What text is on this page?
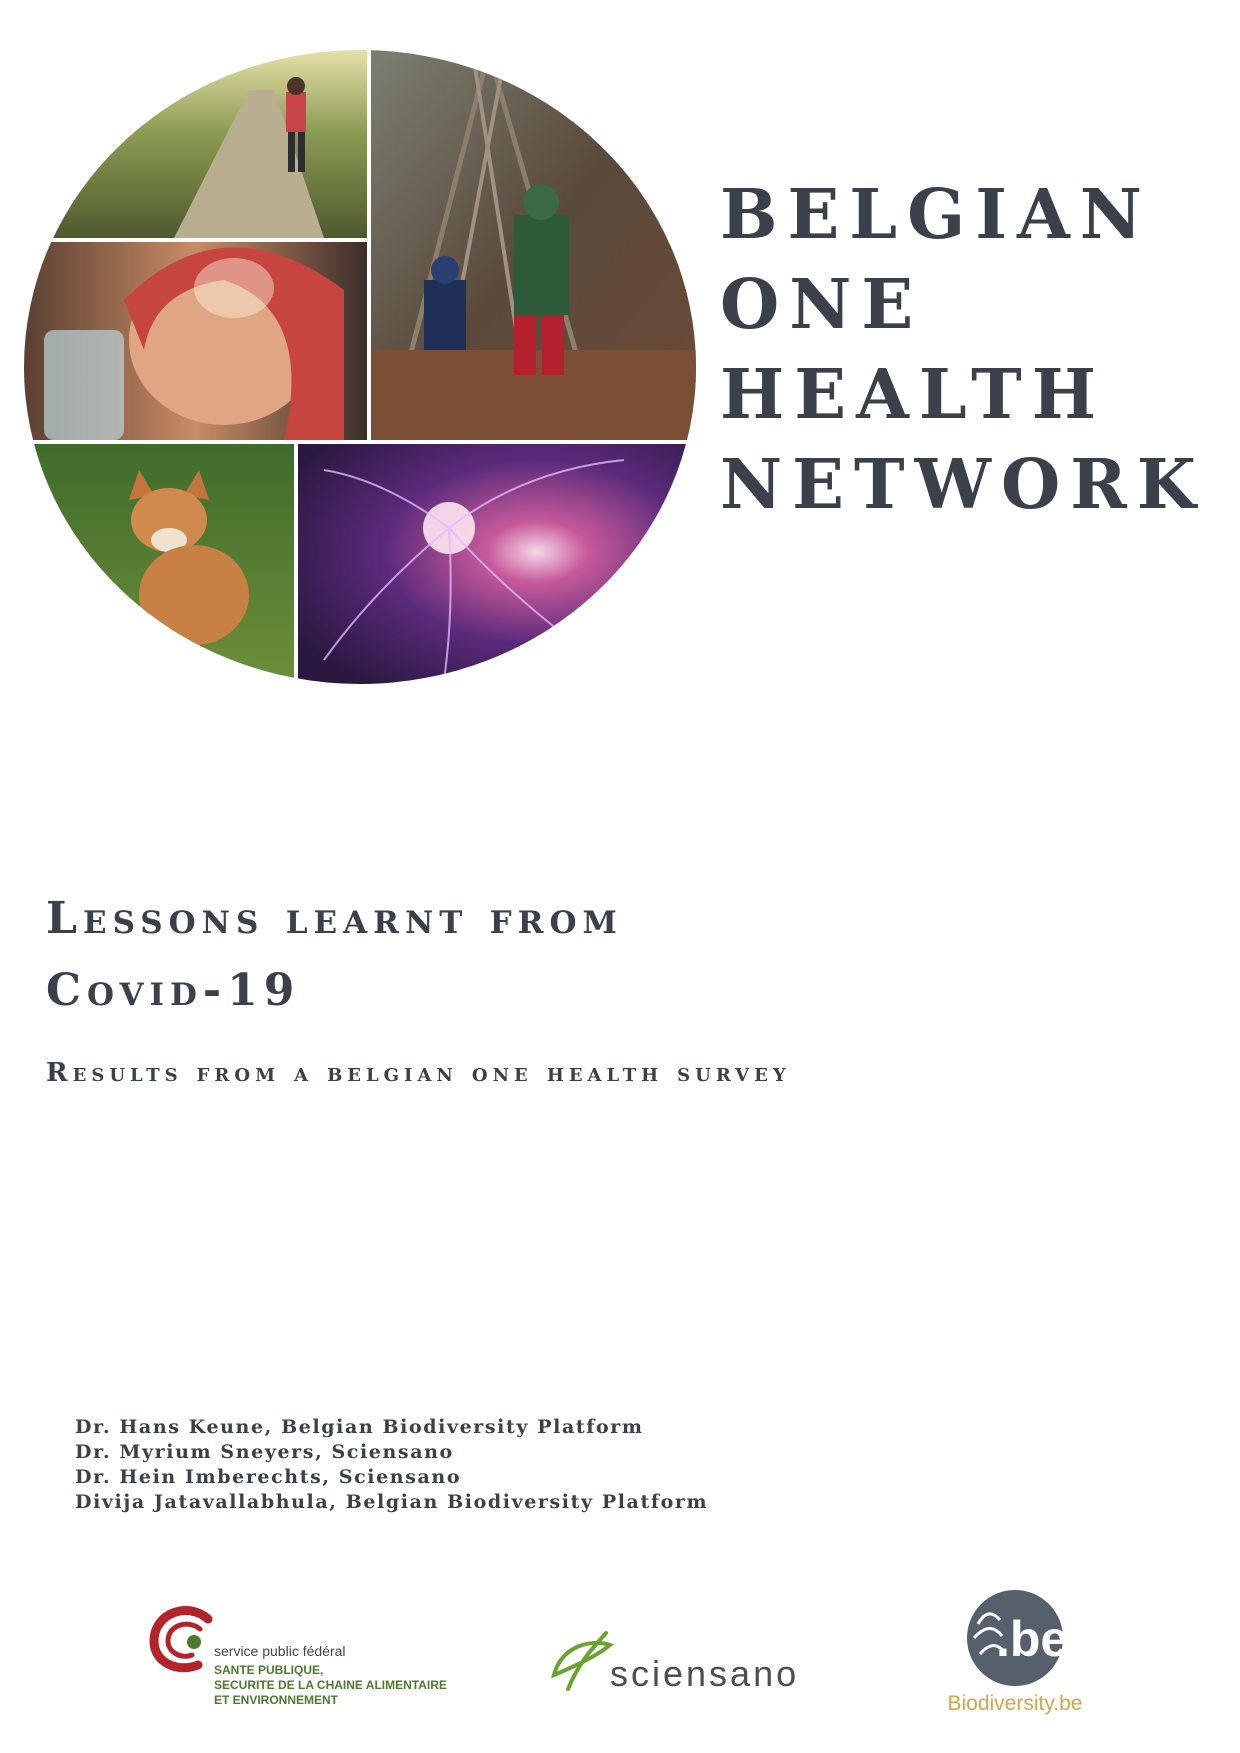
BELGIAN
ONE
HEALTH
NETWORK
Lessons learnt from
Covid-19
Results from a belgian one health survey
Dr. Hans Keune, Belgian Biodiversity Platform
Dr. Myrium Sneyers, Sciensano
Dr. Hein Imberechts, Sciensano
Divija Jatavallabhula, Belgian Biodiversity Platform
service public fédéral
SANTE PUBLIQUE,
SECURITE DE LA CHAINE ALIMENTAIRE
ET ENVIRONNEMENT
sciensano
.be
Biodiversity.be
